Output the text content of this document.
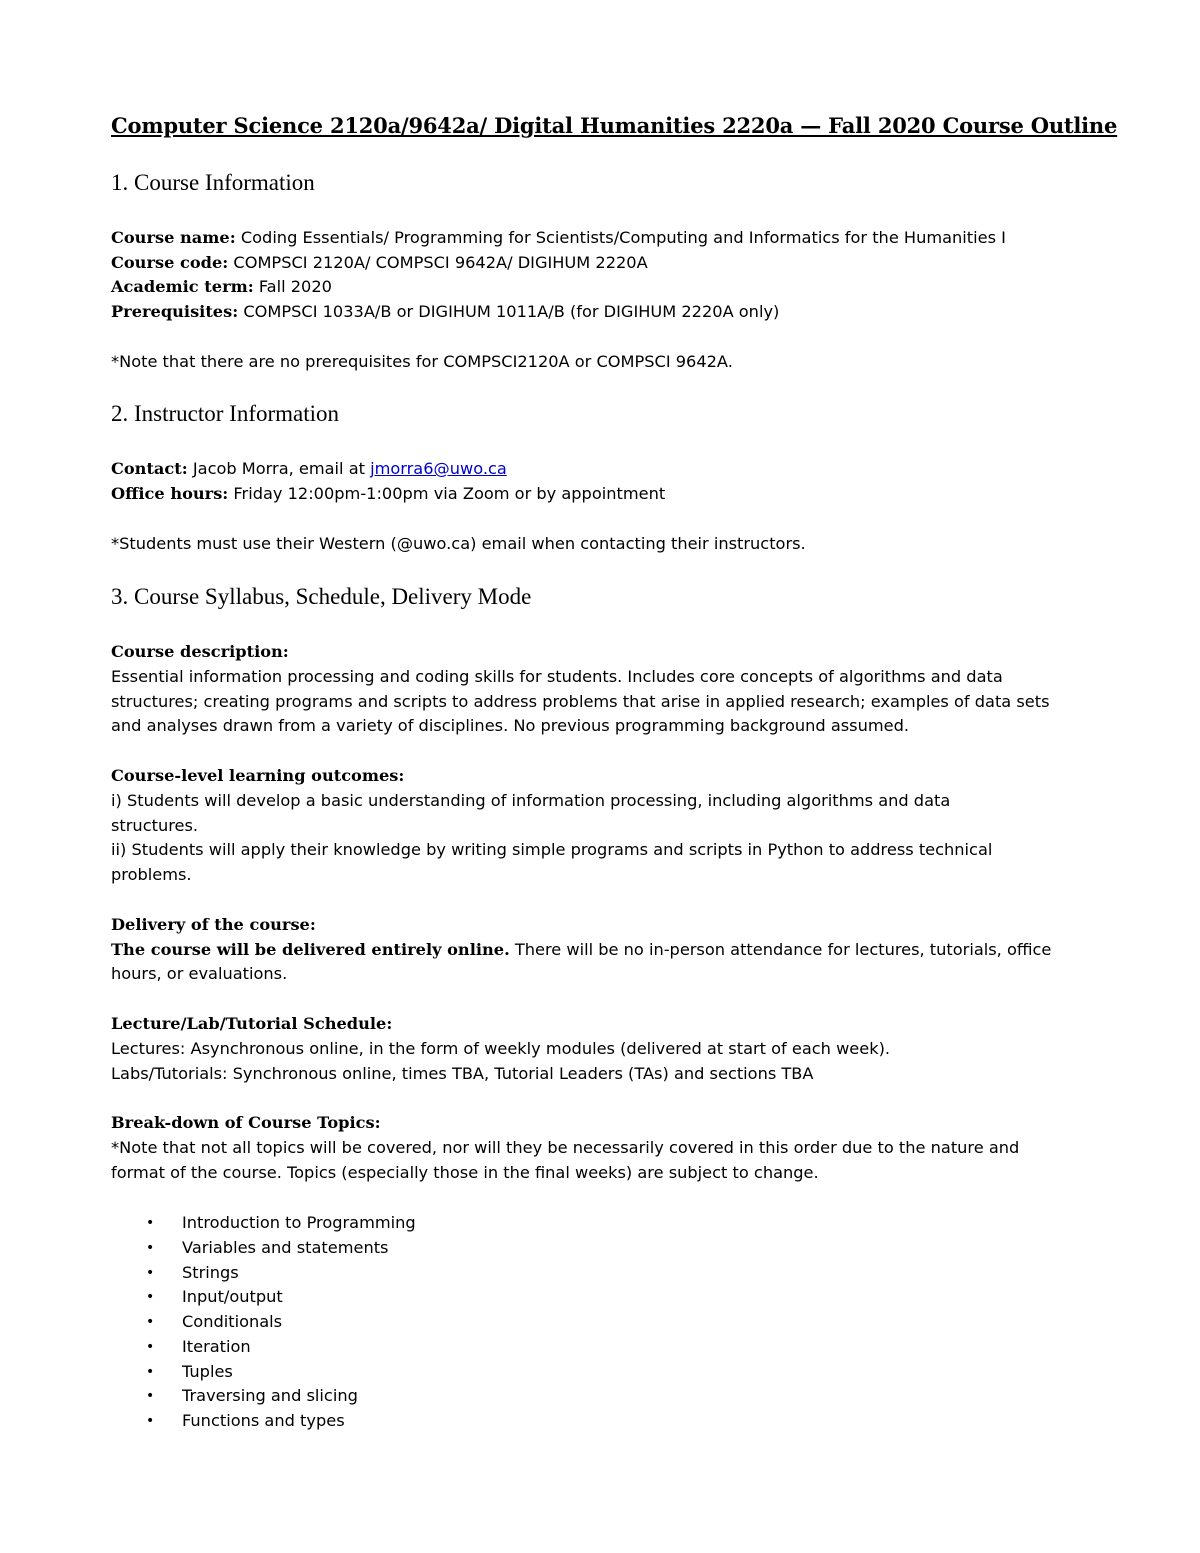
Computer Science 2120a/9642a/ Digital Humanities 2220a — Fall 2020 Course Outline
1. Course Information
Course name: Coding Essentials/ Programming for Scientists/Computing and Informatics for the Humanities I
Course code: COMPSCI 2120A/ COMPSCI 9642A/ DIGIHUM 2220A
Academic term: Fall 2020
Prerequisites: COMPSCI 1033A/B or DIGIHUM 1011A/B (for DIGIHUM 2220A only)
*Note that there are no prerequisites for COMPSCI2120A or COMPSCI 9642A.
2. Instructor Information
Contact: Jacob Morra, email at jmorra6@uwo.ca
Office hours: Friday 12:00pm-1:00pm via Zoom or by appointment
*Students must use their Western (@uwo.ca) email when contacting their instructors.
3. Course Syllabus, Schedule, Delivery Mode
Course description:
Essential information processing and coding skills for students. Includes core concepts of algorithms and data
structures; creating programs and scripts to address problems that arise in applied research; examples of data sets
and analyses drawn from a variety of disciplines. No previous programming background assumed.
Course-level learning outcomes:
i) Students will develop a basic understanding of information processing, including algorithms and data
structures.
ii) Students will apply their knowledge by writing simple programs and scripts in Python to address technical
problems.
Delivery of the course:
The course will be delivered entirely online. There will be no in-person attendance for lectures, tutorials, office
hours, or evaluations.
Lecture/Lab/Tutorial Schedule:
Lectures: Asynchronous online, in the form of weekly modules (delivered at start of each week).
Labs/Tutorials: Synchronous online, times TBA, Tutorial Leaders (TAs) and sections TBA
Break-down of Course Topics:
*Note that not all topics will be covered, nor will they be necessarily covered in this order due to the nature and
format of the course. Topics (especially those in the final weeks) are subject to change.
• Introduction to Programming
• Variables and statements
• Strings
• Input/output
• Conditionals
• Iteration
• Tuples
• Traversing and slicing
• Functions and types
